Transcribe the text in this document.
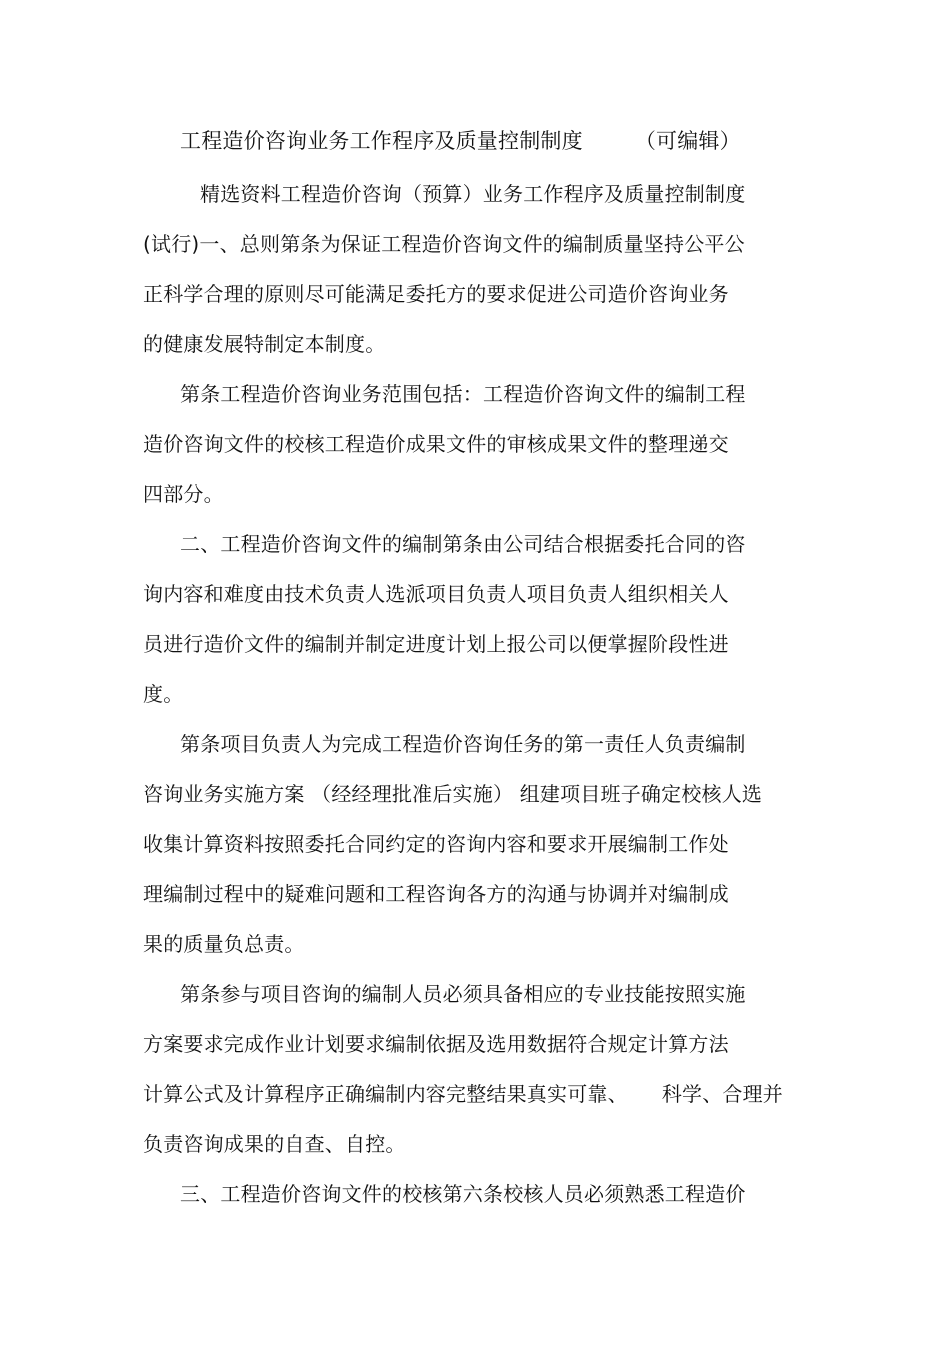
工程造价咨询业务工作程序及质量控制制度 （可编辑）
精选资料工程造价咨询（预算）业务工作程序及质量控制制度
(试行)一、总则第条为保证工程造价咨询文件的编制质量坚持公平公
正科学合理的原则尽可能满足委托方的要求促进公司造价咨询业务
的健康发展特制定本制度。
第条工程造价咨询业务范围包括：工程造价咨询文件的编制工程
造价咨询文件的校核工程造价成果文件的审核成果文件的整理递交
四部分。
二、工程造价咨询文件的编制第条由公司结合根据委托合同的咨
询内容和难度由技术负责人选派项目负责人项目负责人组织相关人
员进行造价文件的编制并制定进度计划上报公司以便掌握阶段性进
度。
第条项目负责人为完成工程造价咨询任务的第一责任人负责编制
咨询业务实施方案 （经经理批准后实施） 组建项目班子确定校核人选
收集计算资料按照委托合同约定的咨询内容和要求开展编制工作处
理编制过程中的疑难问题和工程咨询各方的沟通与协调并对编制成
果的质量负总责。
第条参与项目咨询的编制人员必须具备相应的专业技能按照实施
方案要求完成作业计划要求编制依据及选用数据符合规定计算方法
计算公式及计算程序正确编制内容完整结果真实可靠、 科学、合理并
负责咨询成果的自查、自控。
三、工程造价咨询文件的校核第六条校核人员必须熟悉工程造价
